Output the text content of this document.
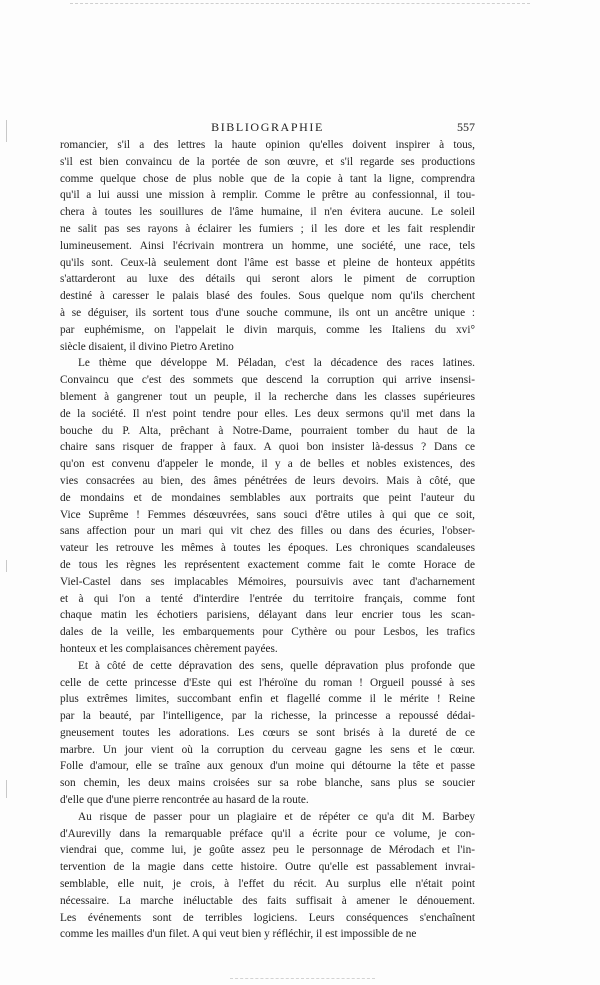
BIBLIOGRAPHIE	557
romancier, s'il a des lettres la haute opinion qu'elles doivent inspirer à tous,
s'il est bien convaincu de la portée de son œuvre, et s'il regarde ses productions
comme quelque chose de plus noble que de la copie à tant la ligne, comprendra
qu'il a lui aussi une mission à remplir. Comme le prêtre au confessionnal, il tou-
chera à toutes les souillures de l'âme humaine, il n'en évitera aucune. Le soleil
ne salit pas ses rayons à éclairer les fumiers ; il les dore et les fait resplendir
lumineusement. Ainsi l'écrivain montrera un homme, une société, une race, tels
qu'ils sont. Ceux-là seulement dont l'âme est basse et pleine de honteux appétits
s'attarderont au luxe des détails qui seront alors le piment de corruption
destiné à caresser le palais blasé des foules. Sous quelque nom qu'ils cherchent
à se déguiser, ils sortent tous d'une souche commune, ils ont un ancêtre unique :
par euphémisme, on l'appelait le divin marquis, comme les Italiens du xvi°
siècle disaient, il divino Pietro Aretino
Le thème que développe M. Péladan, c'est la décadence des races latines.
Convaincu que c'est des sommets que descend la corruption qui arrive insensi-
blement à gangrener tout un peuple, il la recherche dans les classes supérieures
de la société. Il n'est point tendre pour elles. Les deux sermons qu'il met dans la
bouche du P. Alta, prêchant à Notre-Dame, pourraient tomber du haut de la
chaire sans risquer de frapper à faux. A quoi bon insister là-dessus ? Dans ce
qu'on est convenu d'appeler le monde, il y a de belles et nobles existences, des
vies consacrées au bien, des âmes pénétrées de leurs devoirs. Mais à côté, que
de mondains et de mondaines semblables aux portraits que peint l'auteur du
Vice Suprême ! Femmes désœuvrées, sans souci d'être utiles à qui que ce soit,
sans affection pour un mari qui vit chez des filles ou dans des écuries, l'obser-
vateur les retrouve les mêmes à toutes les époques. Les chroniques scandaleuses
de tous les règnes les représentent exactement comme fait le comte Horace de
Viel-Castel dans ses implacables Mémoires, poursuivis avec tant d'acharnement
et à qui l'on a tenté d'interdire l'entrée du territoire français, comme font
chaque matin les échotiers parisiens, délayant dans leur encrier tous les scan-
dales de la veille, les embarquements pour Cythère ou pour Lesbos, les trafics
honteux et les complaisances chèrement payées.
Et à côté de cette dépravation des sens, quelle dépravation plus profonde que
celle de cette princesse d'Este qui est l'héroïne du roman ! Orgueil poussé à ses
plus extrêmes limites, succombant enfin et flagellé comme il le mérite ! Reine
par la beauté, par l'intelligence, par la richesse, la princesse a repoussé dédai-
gneusement toutes les adorations. Les cœurs se sont brisés à la dureté de ce
marbre. Un jour vient où la corruption du cerveau gagne les sens et le cœur.
Folle d'amour, elle se traîne aux genoux d'un moine qui détourne la tête et passe
son chemin, les deux mains croisées sur sa robe blanche, sans plus se soucier
d'elle que d'une pierre rencontrée au hasard de la route.
Au risque de passer pour un plagiaire et de répéter ce qu'a dit M. Barbey
d'Aurevilly dans la remarquable préface qu'il a écrite pour ce volume, je con-
viendrai que, comme lui, je goûte assez peu le personnage de Mérodach et l'in-
tervention de la magie dans cette histoire. Outre qu'elle est passablement invrai-
semblable, elle nuit, je crois, à l'effet du récit. Au surplus elle n'était point
nécessaire. La marche inéluctable des faits suffisait à amener le dénouement.
Les événements sont de terribles logiciens. Leurs conséquences s'enchaînent
comme les mailles d'un filet. A qui veut bien y réfléchir, il est impossible de ne
